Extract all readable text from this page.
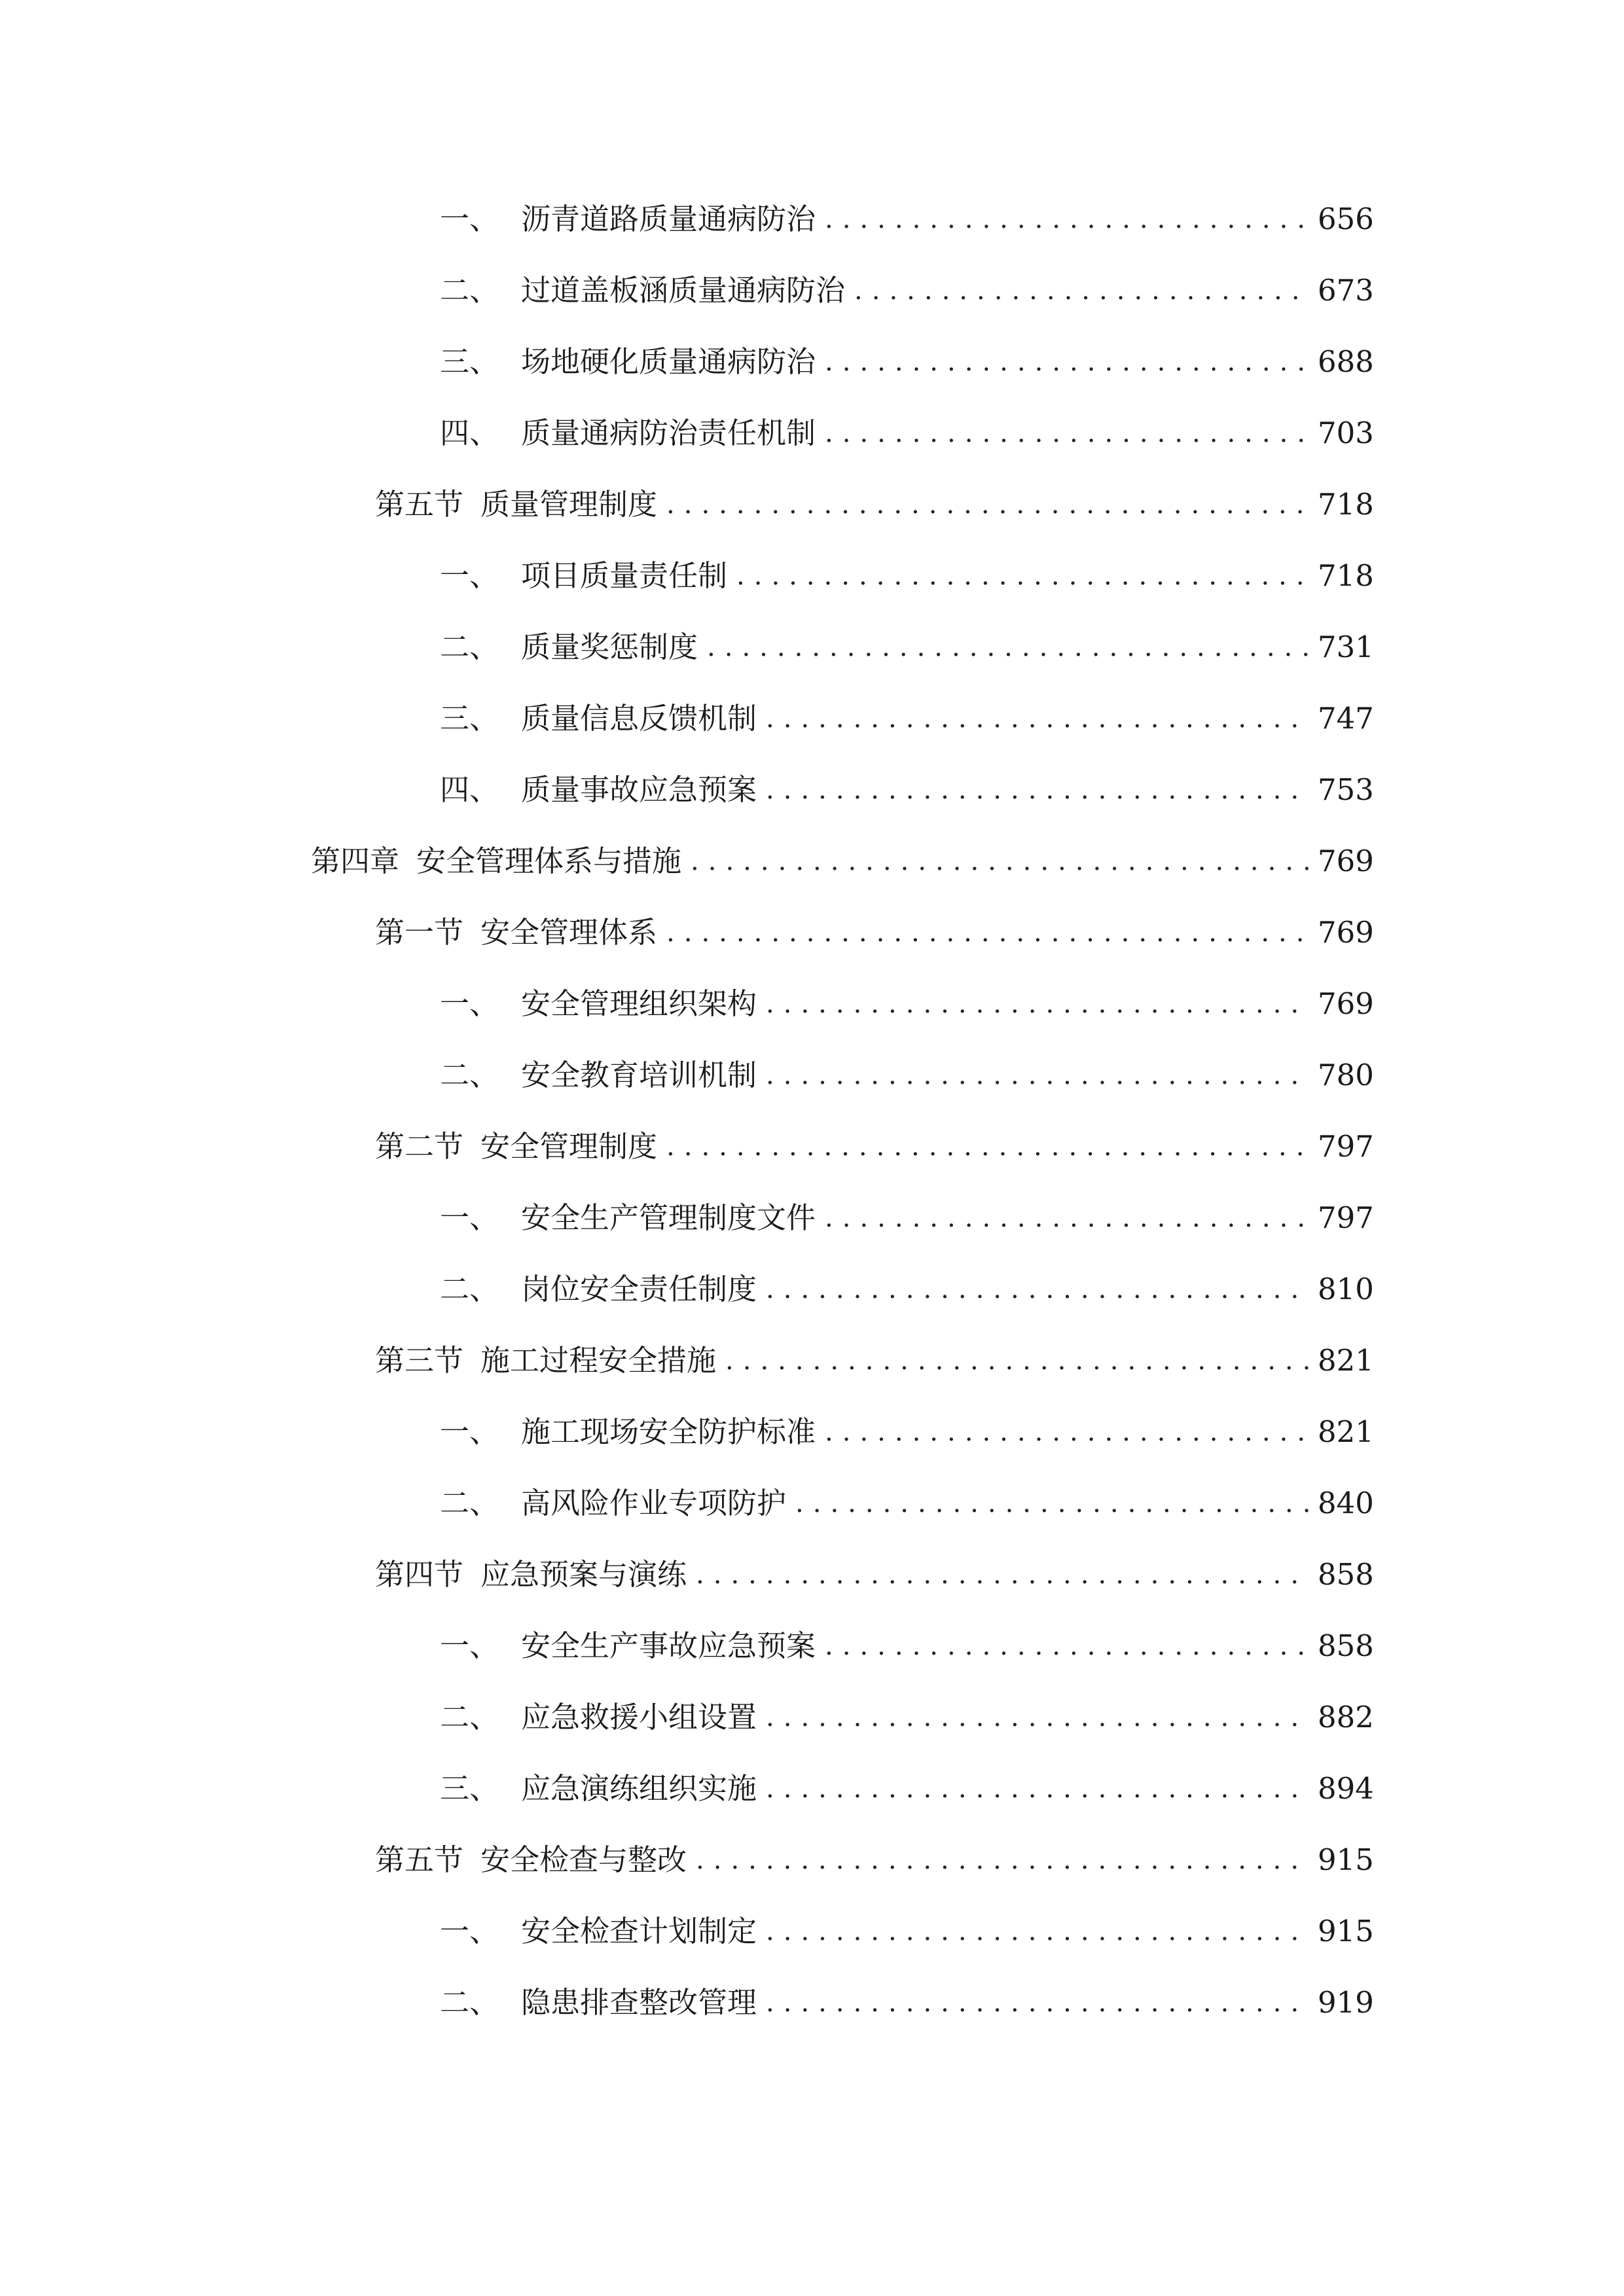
一、 沥青道路质量通病防治 .....	656
二、 过道盖板涵质量通病防治 .....	673
三、 场地硬化质量通病防治 .....	688
四、 质量通病防治责任机制 .....	703
第五节 质量管理制度 .....	718
一、 项目质量责任制 .....	718
二、 质量奖惩制度 .....	731
三、 质量信息反馈机制 .....	747
四、 质量事故应急预案 .....	753
第四章 安全管理体系与措施 .....	769
第一节 安全管理体系 .....	769
一、 安全管理组织架构 .....	769
二、 安全教育培训机制 .....	780
第二节 安全管理制度 .....	797
一、 安全生产管理制度文件 .....	797
二、 岗位安全责任制度 .....	810
第三节 施工过程安全措施 .....	821
一、 施工现场安全防护标准 .....	821
二、 高风险作业专项防护 .....	840
第四节 应急预案与演练 .....	858
一、 安全生产事故应急预案 .....	858
二、 应急救援小组设置 .....	882
三、 应急演练组织实施 .....	894
第五节 安全检查与整改 .....	915
一、 安全检查计划制定 .....	915
二、 隐患排查整改管理 .....	919
